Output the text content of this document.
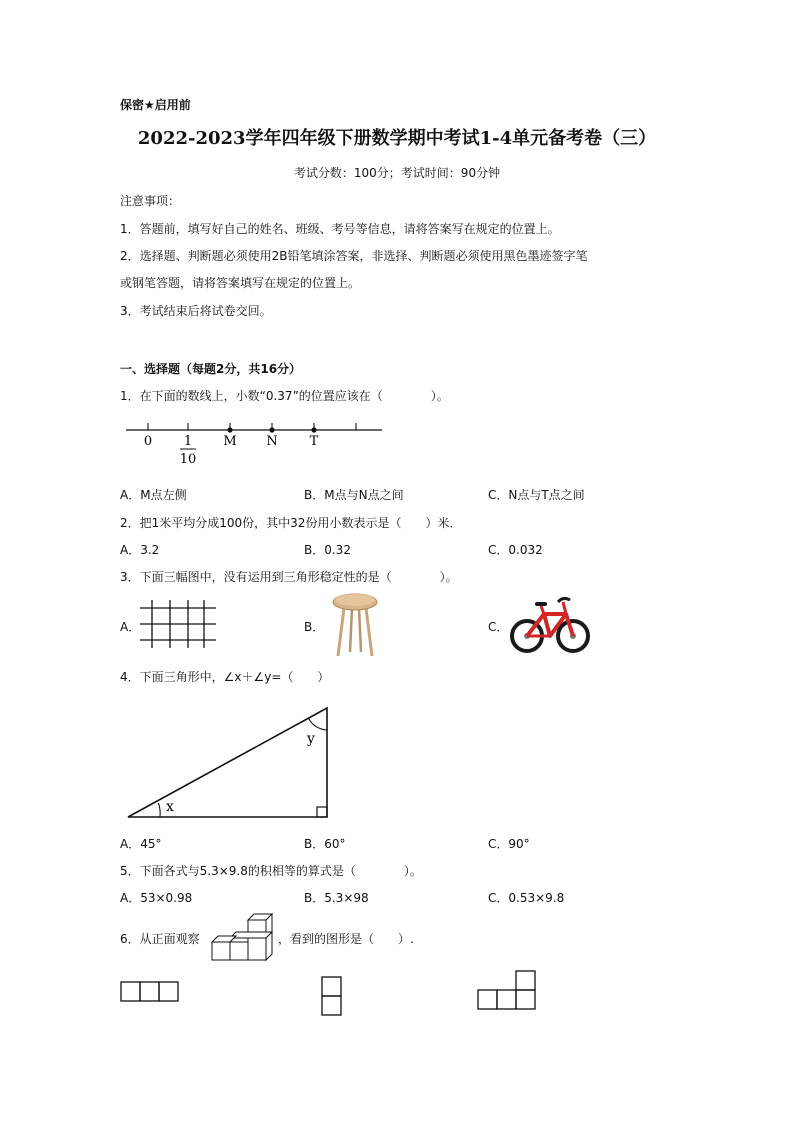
保密★启用前
2022-2023学年四年级下册数学期中考试1-4单元备考卷（三）
考试分数：100分；考试时间：90分钟
注意事项：
1．答题前，填写好自己的姓名、班级、考号等信息，请将答案写在规定的位置上。
2．选择题、判断题必须使用2B铅笔填涂答案，非选择、判断题必须使用黑色墨迹签字笔
或钢笔答题，请将答案填写在规定的位置上。
3．考试结束后将试卷交回。
一、选择题（每题2分，共16分）
1．在下面的数线上，小数“0.37”的位置应该在（　　　　）。
0 1
10
M N T
A．M点左侧	B．M点与N点之间	C．N点与T点之间
2．把1米平均分成100份，其中32份用小数表示是（　　）米．
A．3.2	B．0.32	C．0.032
3．下面三幅图中，没有运用到三角形稳定性的是（　　　　）。
A．	B．	C．
4．下面三角形中，∠x＋∠y=（　　）
x
y
A．45°	B．60°	C．90°
5．下面各式与5.3×9.8的积相等的算式是（　　　　）。
A．53×0.98	B．5.3×98	C．0.53×9.8
6．从正面观察	，看到的图形是（　　）.
